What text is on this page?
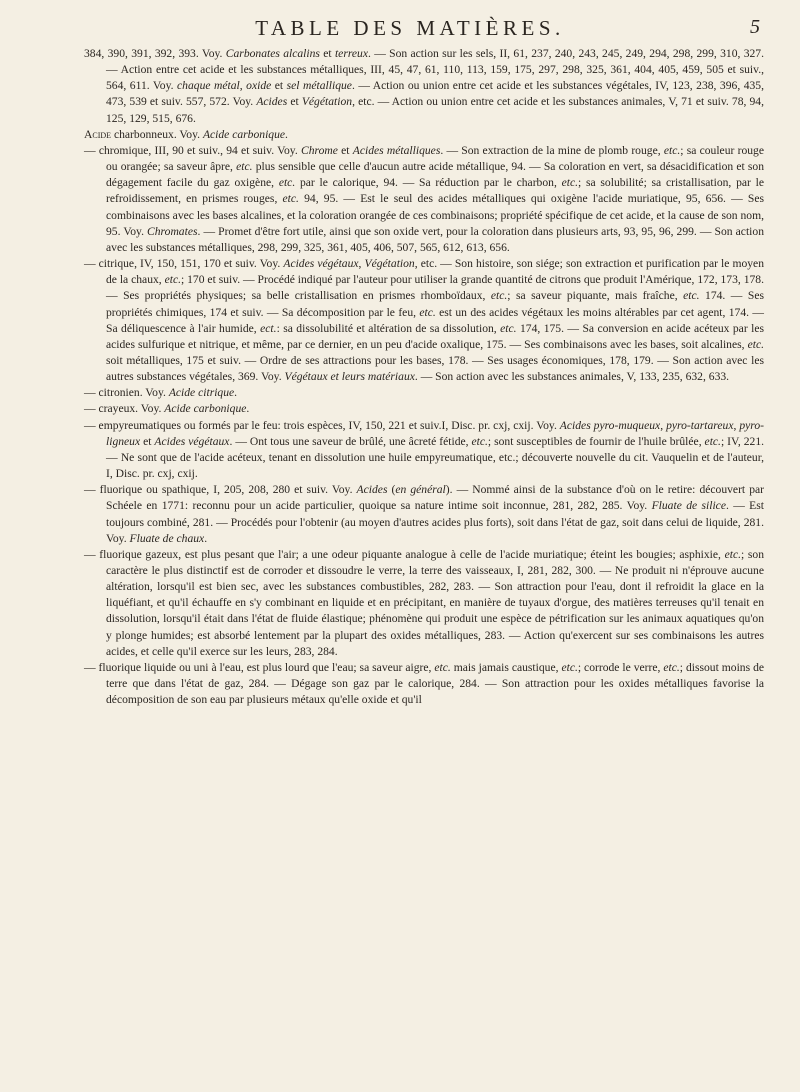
TABLE DES MATIÈRES.	5

384, 390, 391, 392, 393. Voy. Carbonates alcalins et terreux. — Son action sur les sels, II, 61, 237, 240, 243, 245, 249, 294, 298, 299, 310, 327. — Action entre cet acide et les substances métalliques, III, 45, 47, 61, 110, 113, 159, 175, 297, 298, 325, 361, 404, 405, 459, 505 et suiv., 564, 611. Voy. chaque métal, oxide et sel métallique. — Action ou union entre cet acide et les substances végétales, IV, 123, 238, 396, 435, 473, 539 et suiv. 557, 572. Voy. Acides et Végétation, etc. — Action ou union entre cet acide et les substances animales, V, 71 et suiv. 78, 94, 125, 129, 515, 676.

Acide charbonneux. Voy. Acide carbonique.

— chromique, III, 90 et suiv., 94 et suiv. Voy. Chrome et Acides métalliques. — Son extraction de la mine de plomb rouge, etc.; sa couleur rouge ou orangée; sa saveur âpre, etc. plus sensible que celle d'aucun autre acide métallique, 94. — Sa coloration en vert, sa désacidification et son dégagement facile du gaz oxigène, etc. par le calorique, 94. — Sa réduction par le charbon, etc.; sa solubilité; sa cristallisation, par le refroidissement, en prismes rouges, etc. 94, 95. — Est le seul des acides métalliques qui oxigène l'acide muriatique, 95, 656. — Ses combinaisons avec les bases alcalines, et la coloration orangée de ces combinaisons; propriété spécifique de cet acide, et la cause de son nom, 95. Voy. Chromates. — Promet d'être fort utile, ainsi que son oxide vert, pour la coloration dans plusieurs arts, 93, 95, 96, 299. — Son action avec les substances métalliques, 298, 299, 325, 361, 405, 406, 507, 565, 612, 613, 656.

— citrique, IV, 150, 151, 170 et suiv. Voy. Acides végétaux, Végétation, etc. — Son histoire, son siége; son extraction et purification par le moyen de la chaux, etc.; 170 et suiv. — Procédé indiqué par l'auteur pour utiliser la grande quantité de citrons que produit l'Amérique, 172, 173, 178. — Ses propriétés physiques; sa belle cristallisation en prismes rhomboïdaux, etc.; sa saveur piquante, mais fraîche, etc. 174. — Ses propriétés chimiques, 174 et suiv. — Sa décomposition par le feu, etc. est un des acides végétaux les moins altérables par cet agent, 174. — Sa déliquescence à l'air humide, ect.: sa dissolubilité et altération de sa dissolution, etc. 174, 175. — Sa conversion en acide acéteux par les acides sulfurique et nitrique, et même, par ce dernier, en un peu d'acide oxalique, 175. — Ses combinaisons avec les bases, soit alcalines, etc. soit métalliques, 175 et suiv. — Ordre de ses attractions pour les bases, 178. — Ses usages économiques, 178, 179. — Son action avec les autres substances végétales, 369. Voy. Végétaux et leurs matériaux. — Son action avec les substances animales, V, 133, 235, 632, 633.

— citronien. Voy. Acide citrique.

— crayeux. Voy. Acide carbonique.

— empyreumatiques ou formés par le feu: trois espèces, IV, 150, 221 et suiv.I, Disc. pr. cxj, cxij. Voy. Acides pyro-muqueux, pyro-tartareux, pyro-ligneux et Acides végétaux. — Ont tous une saveur de brûlé, une âcreté fétide, etc.; sont susceptibles de fournir de l'huile brûlée, etc.; IV, 221. — Ne sont que de l'acide acéteux, tenant en dissolution une huile empyreumatique, etc.; découverte nouvelle du cit. Vauquelin et de l'auteur, I, Disc. pr. cxj, cxij.

— fluorique ou spathique, I, 205, 208, 280 et suiv. Voy. Acides (en général). — Nommé ainsi de la substance d'où on le retire: découvert par Schéele en 1771: reconnu pour un acide particulier, quoique sa nature intime soit inconnue, 281, 282, 285. Voy. Fluate de silice. — Est toujours combiné, 281. — Procédés pour l'obtenir (au moyen d'autres acides plus forts), soit dans l'état de gaz, soit dans celui de liquide, 281. Voy. Fluate de chaux.

— fluorique gazeux, est plus pesant que l'air; a une odeur piquante analogue à celle de l'acide muriatique; éteint les bougies; asphixie, etc.; son caractère le plus distinctif est de corroder et dissoudre le verre, la terre des vaisseaux, I, 281, 282, 300. — Ne produit ni n'éprouve aucune altération, lorsqu'il est bien sec, avec les substances combustibles, 282, 283. — Son attraction pour l'eau, dont il refroidit la glace en la liquéfiant, et qu'il échauffe en s'y combinant en liquide et en précipitant, en manière de tuyaux d'orgue, des matières terreuses qu'il tenait en dissolution, lorsqu'il était dans l'état de fluide élastique; phénomène qui produit une espèce de pétrification sur les animaux aquatiques qu'on y plonge humides; est absorbé lentement par la plupart des oxides métalliques, 283. — Action qu'exercent sur ses combinaisons les autres acides, et celle qu'il exerce sur les leurs, 283, 284.

— fluorique liquide ou uni à l'eau, est plus lourd que l'eau; sa saveur aigre, etc. mais jamais caustique, etc.; corrode le verre, etc.; dissout moins de terre que dans l'état de gaz, 284. — Dégage son gaz par le calorique, 284. — Son attraction pour les oxides métalliques favorise la décomposition de son eau par plusieurs métaux qu'elle oxide et qu'il
